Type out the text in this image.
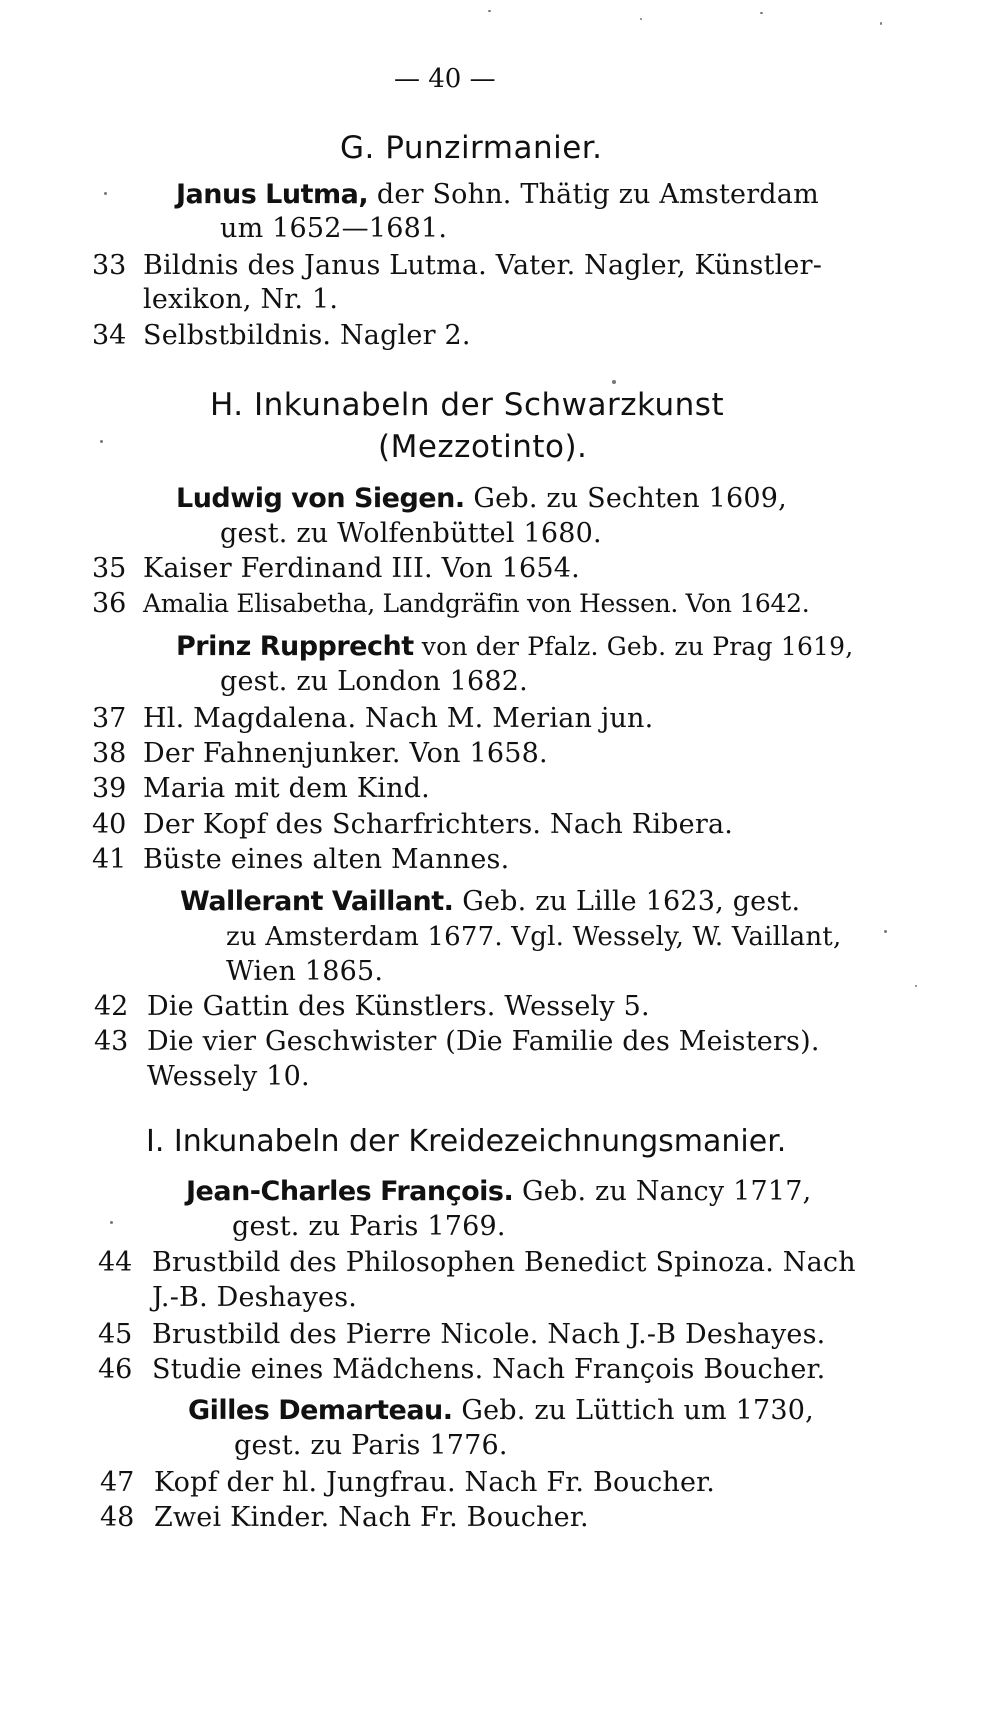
— 40 —
G. Punzirmanier.
Janus Lutma, der Sohn. Thätig zu Amsterdam
um 1652—1681.
33 Bildnis des Janus Lutma. Vater. Nagler, Künstler-
lexikon, Nr. 1.
34 Selbstbildnis. Nagler 2.
H. Inkunabeln der Schwarzkunst
(Mezzotinto).
Ludwig von Siegen. Geb. zu Sechten 1609,
gest. zu Wolfenbüttel 1680.
35 Kaiser Ferdinand III. Von 1654.
36 Amalia Elisabetha, Landgräfin von Hessen. Von 1642.
Prinz Rupprecht von der Pfalz. Geb. zu Prag 1619,
gest. zu London 1682.
37 Hl. Magdalena. Nach M. Merian jun.
38 Der Fahnenjunker. Von 1658.
39 Maria mit dem Kind.
40 Der Kopf des Scharfrichters. Nach Ribera.
41 Büste eines alten Mannes.
Wallerant Vaillant. Geb. zu Lille 1623, gest.
zu Amsterdam 1677. Vgl. Wessely, W. Vaillant,
Wien 1865.
42 Die Gattin des Künstlers. Wessely 5.
43 Die vier Geschwister (Die Familie des Meisters).
Wessely 10.
I. Inkunabeln der Kreidezeichnungsmanier.
Jean-Charles François. Geb. zu Nancy 1717,
gest. zu Paris 1769.
44 Brustbild des Philosophen Benedict Spinoza. Nach
J.-B. Deshayes.
45 Brustbild des Pierre Nicole. Nach J.-B Deshayes.
46 Studie eines Mädchens. Nach François Boucher.
Gilles Demarteau. Geb. zu Lüttich um 1730,
gest. zu Paris 1776.
47 Kopf der hl. Jungfrau. Nach Fr. Boucher.
48 Zwei Kinder. Nach Fr. Boucher.
